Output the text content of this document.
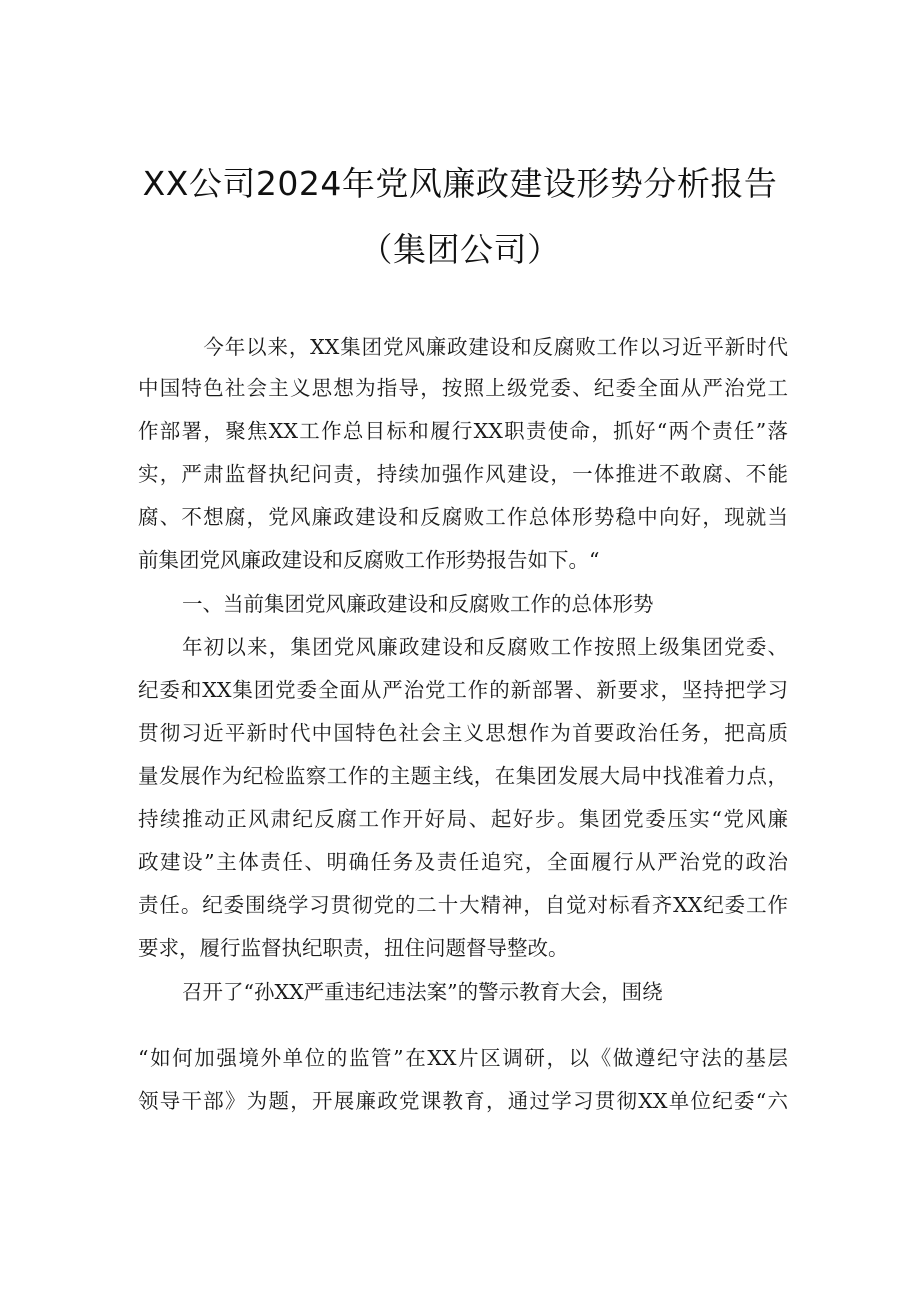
XX公司2024年党风廉政建设形势分析报告
（集团公司）
　今年以来，XX集团党风廉政建设和反腐败工作以习近平新时代
中国特色社会主义思想为指导，按照上级党委、纪委全面从严治党工
作部署，聚焦XX工作总目标和履行XX职责使命，抓好“两个责任”落
实，严肃监督执纪问责，持续加强作风建设，一体推进不敢腐、不能
腐、不想腐，党风廉政建设和反腐败工作总体形势稳中向好，现就当
前集团党风廉政建设和反腐败工作形势报告如下。“
一、当前集团党风廉政建设和反腐败工作的总体形势
年初以来，集团党风廉政建设和反腐败工作按照上级集团党委、
纪委和XX集团党委全面从严治党工作的新部署、新要求，坚持把学习
贯彻习近平新时代中国特色社会主义思想作为首要政治任务，把高质
量发展作为纪检监察工作的主题主线，在集团发展大局中找准着力点，
持续推动正风肃纪反腐工作开好局、起好步。集团党委压实“党风廉
政建设”主体责任、明确任务及责任追究，全面履行从严治党的政治
责任。纪委围绕学习贯彻党的二十大精神，自觉对标看齐XX纪委工作
要求，履行监督执纪职责，扭住问题督导整改。
召开了“孙XX严重违纪违法案”的警示教育大会，围绕
“如何加强境外单位的监管”在XX片区调研，以《做遵纪守法的基层
领导干部》为题，开展廉政党课教育，通过学习贯彻XX单位纪委“六
